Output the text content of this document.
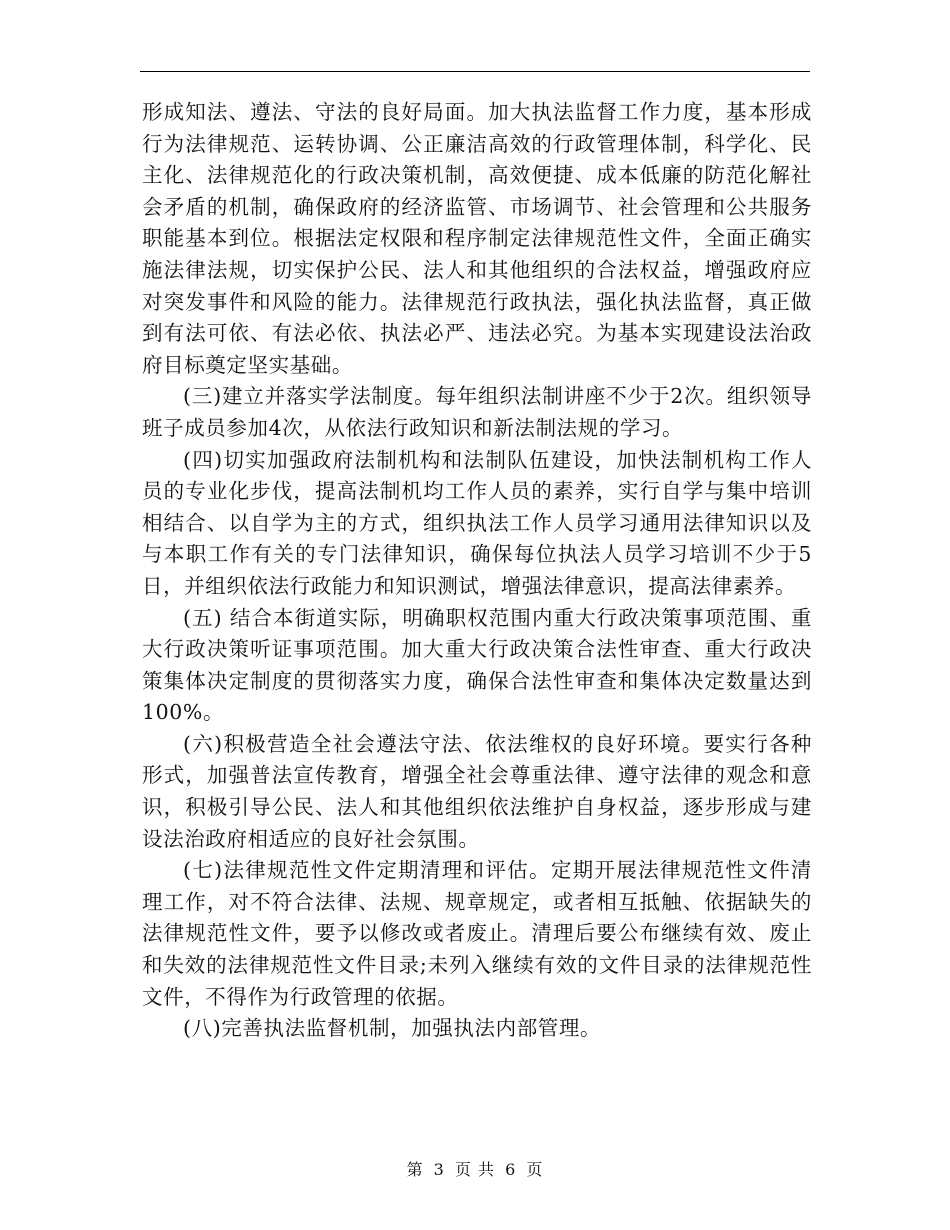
形成知法、遵法、守法的良好局面。加大执法监督工作力度，基本形成行为法律规范、运转协调、公正廉洁高效的行政管理体制，科学化、民主化、法律规范化的行政决策机制，高效便捷、成本低廉的防范化解社会矛盾的机制，确保政府的经济监管、市场调节、社会管理和公共服务职能基本到位。根据法定权限和程序制定法律规范性文件，全面正确实施法律法规，切实保护公民、法人和其他组织的合法权益，增强政府应对突发事件和风险的能力。法律规范行政执法，强化执法监督，真正做到有法可依、有法必依、执法必严、违法必究。为基本实现建设法治政府目标奠定坚实基础。

(三)建立并落实学法制度。每年组织法制讲座不少于2次。组织领导班子成员参加4次，从依法行政知识和新法制法规的学习。

(四)切实加强政府法制机构和法制队伍建设，加快法制机构工作人员的专业化步伐，提高法制机均工作人员的素养，实行自学与集中培训相结合、以自学为主的方式，组织执法工作人员学习通用法律知识以及与本职工作有关的专门法律知识，确保每位执法人员学习培训不少于5日，并组织依法行政能力和知识测试，增强法律意识，提高法律素养。

(五) 结合本街道实际，明确职权范围内重大行政决策事项范围、重大行政决策听证事项范围。加大重大行政决策合法性审查、重大行政决策集体决定制度的贯彻落实力度，确保合法性审查和集体决定数量达到100%。

(六)积极营造全社会遵法守法、依法维权的良好环境。要实行各种形式，加强普法宣传教育，增强全社会尊重法律、遵守法律的观念和意识，积极引导公民、法人和其他组织依法维护自身权益，逐步形成与建设法治政府相适应的良好社会氛围。

(七)法律规范性文件定期清理和评估。定期开展法律规范性文件清理工作，对不符合法律、法规、规章规定，或者相互抵触、依据缺失的法律规范性文件，要予以修改或者废止。清理后要公布继续有效、废止和失效的法律规范性文件目录;未列入继续有效的文件目录的法律规范性文件，不得作为行政管理的依据。

(八)完善执法监督机制，加强执法内部管理。

第 3 页 共 6 页
